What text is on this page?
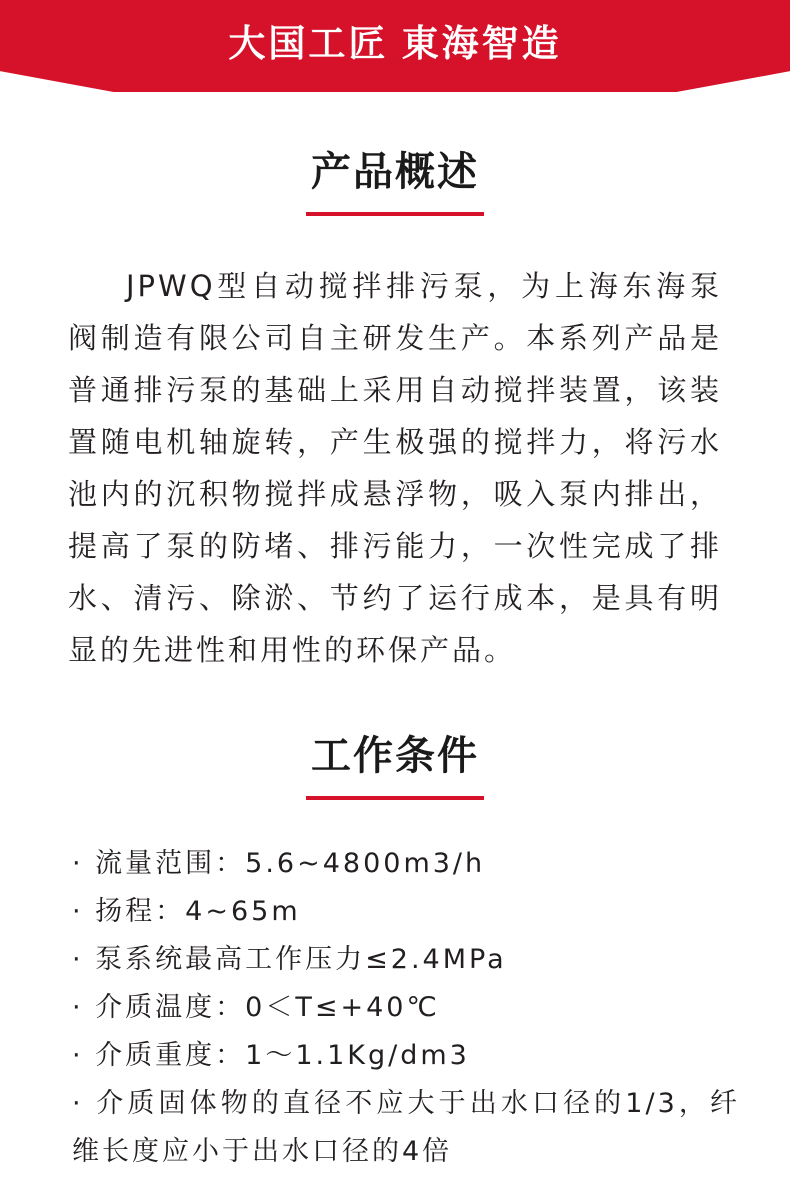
大国工匠 東海智造
产品概述

JPWQ型自动搅拌排污泵，为上海东海泵阀制造有限公司自主研发生产。本系列产品是普通排污泵的基础上采用自动搅拌装置，该装置随电机轴旋转，产生极强的搅拌力，将污水池内的沉积物搅拌成悬浮物，吸入泵内排出，提高了泵的防堵、排污能力，一次性完成了排水、清污、除淤、节约了运行成本，是具有明显的先进性和用性的环保产品。

工作条件
· 流量范围：5.6~4800m3/h
· 扬程：4~65m
· 泵系统最高工作压力≤2.4MPa
· 介质温度：0＜T≤+40℃
· 介质重度：1～1.1Kg/dm3
· 介质固体物的直径不应大于出水口径的1/3，纤维长度应小于出水口径的4倍
